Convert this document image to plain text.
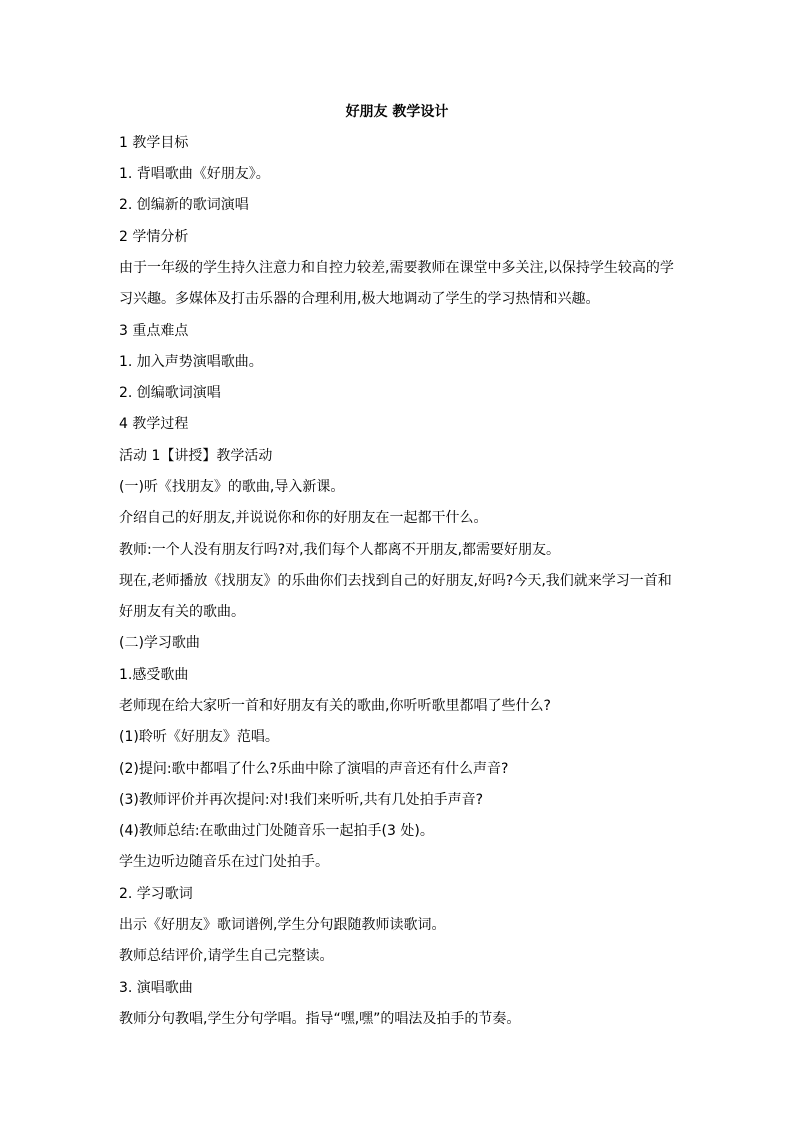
好朋友 教学设计
1 教学目标
1. 背唱歌曲《好朋友》。
2. 创编新的歌词演唱
2 学情分析
由于一年级的学生持久注意力和自控力较差,需要教师在课堂中多关注,以保持学生较高的学
习兴趣。多媒体及打击乐器的合理利用,极大地调动了学生的学习热情和兴趣。
3 重点难点
1. 加入声势演唱歌曲。
2. 创编歌词演唱
4 教学过程
活动 1【讲授】教学活动
(一)听《找朋友》的歌曲,导入新课。
介绍自己的好朋友,并说说你和你的好朋友在一起都干什么。
教师:一个人没有朋友行吗?对,我们每个人都离不开朋友,都需要好朋友。
现在,老师播放《找朋友》的乐曲你们去找到自己的好朋友,好吗?今天,我们就来学习一首和
好朋友有关的歌曲。
(二)学习歌曲
1.感受歌曲
老师现在给大家听一首和好朋友有关的歌曲,你听听歌里都唱了些什么?
(1)聆听《好朋友》范唱。
(2)提问:歌中都唱了什么?乐曲中除了演唱的声音还有什么声音?
(3)教师评价并再次提问:对!我们来听听,共有几处拍手声音?
(4)教师总结:在歌曲过门处随音乐一起拍手(3 处)。
学生边听边随音乐在过门处拍手。
2. 学习歌词
出示《好朋友》歌词谱例,学生分句跟随教师读歌词。
教师总结评价,请学生自己完整读。
3. 演唱歌曲
教师分句教唱,学生分句学唱。指导“嘿,嘿”的唱法及拍手的节奏。
